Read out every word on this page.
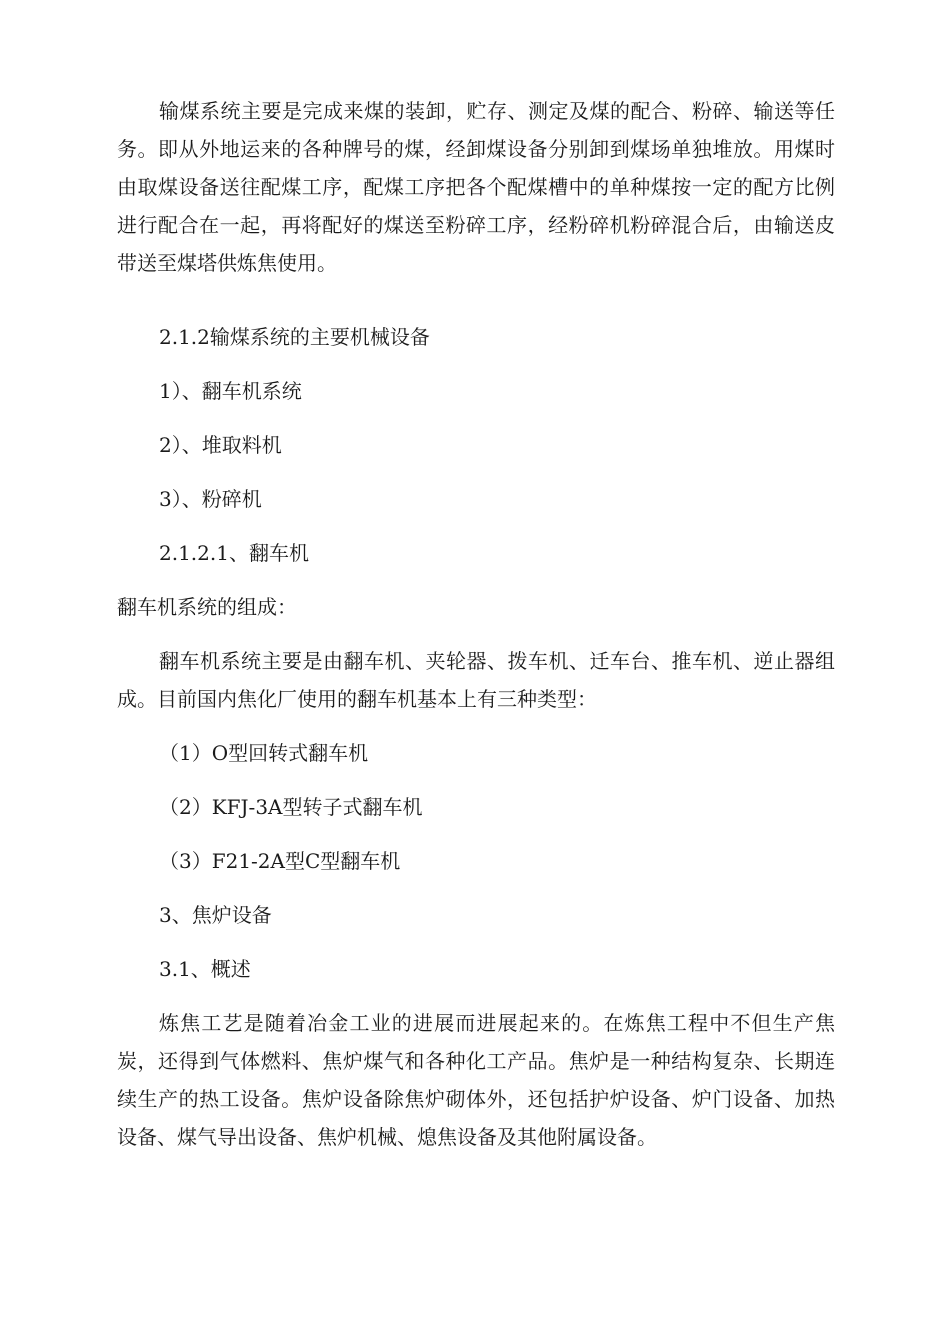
输煤系统主要是完成来煤的装卸，贮存、测定及煤的配合、粉碎、输送等任务。即从外地运来的各种牌号的煤，经卸煤设备分别卸到煤场单独堆放。用煤时由取煤设备送往配煤工序，配煤工序把各个配煤槽中的单种煤按一定的配方比例进行配合在一起，再将配好的煤送至粉碎工序，经粉碎机粉碎混合后，由输送皮带送至煤塔供炼焦使用。

2.1.2输煤系统的主要机械设备
1）、翻车机系统
2）、堆取料机
3）、粉碎机
2.1.2.1、翻车机
翻车机系统的组成：

翻车机系统主要是由翻车机、夹轮器、拨车机、迁车台、推车机、逆止器组成。目前国内焦化厂使用的翻车机基本上有三种类型：

（1）O型回转式翻车机
（2）KFJ-3A型转子式翻车机
（3）F21-2A型C型翻车机
3、焦炉设备
3.1、概述

炼焦工艺是随着冶金工业的进展而进展起来的。在炼焦工程中不但生产焦炭，还得到气体燃料、焦炉煤气和各种化工产品。焦炉是一种结构复杂、长期连续生产的热工设备。焦炉设备除焦炉砌体外，还包括护炉设备、炉门设备、加热设备、煤气导出设备、焦炉机械、熄焦设备及其他附属设备。
